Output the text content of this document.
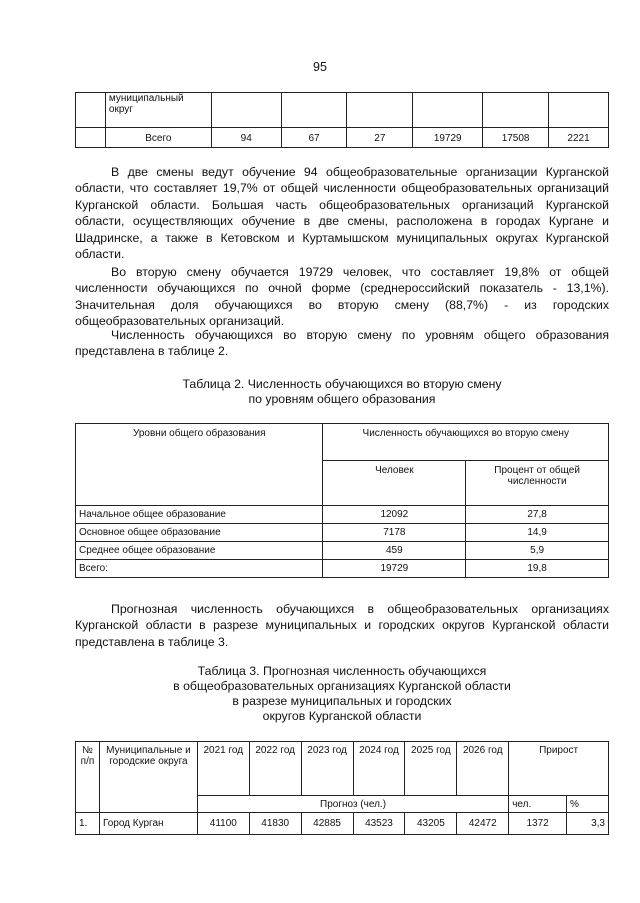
95
	муниципальный округ						
	Всего	94	67	27	19729	17508	2221

В две смены ведут обучение 94 общеобразовательные организации Курганской области, что составляет 19,7% от общей численности общеобразовательных организаций Курганской области. Большая часть общеобразовательных организаций Курганской области, осуществляющих обучение в две смены, расположена в городах Кургане и Шадринске, а также в Кетовском и Куртамышском муниципальных округах Курганской области.

Во вторую смену обучается 19729 человек, что составляет 19,8% от общей численности обучающихся по очной форме (среднероссийский показатель - 13,1%). Значительная доля обучающихся во вторую смену (88,7%) - из городских общеобразовательных организаций.

Численность обучающихся во вторую смену по уровням общего образования представлена в таблице 2.

Таблица 2. Численность обучающихся во вторую смену
по уровням общего образования

Уровни общего образования	Численность обучающихся во вторую смену	
	Человек	Процент от общей численности
Начальное общее образование	12092	27,8
Основное общее образование	7178	14,9
Среднее общее образование	459	5,9
Всего:	19729	19,8

Прогнозная численность обучающихся в общеобразовательных организациях Курганской области в разрезе муниципальных и городских округов Курганской области представлена в таблице 3.

Таблица 3. Прогнозная численность обучающихся
в общеобразовательных организациях Курганской области
в разрезе муниципальных и городских
округов Курганской области

№ п/п	Муниципальные и городские округа	2021 год	2022 год	2023 год	2024 год	2025 год	2026 год	Прирост	
		Прогноз (чел.)						чел.	%
1.	Город Курган	41100	41830	42885	43523	43205	42472	1372	3,3
